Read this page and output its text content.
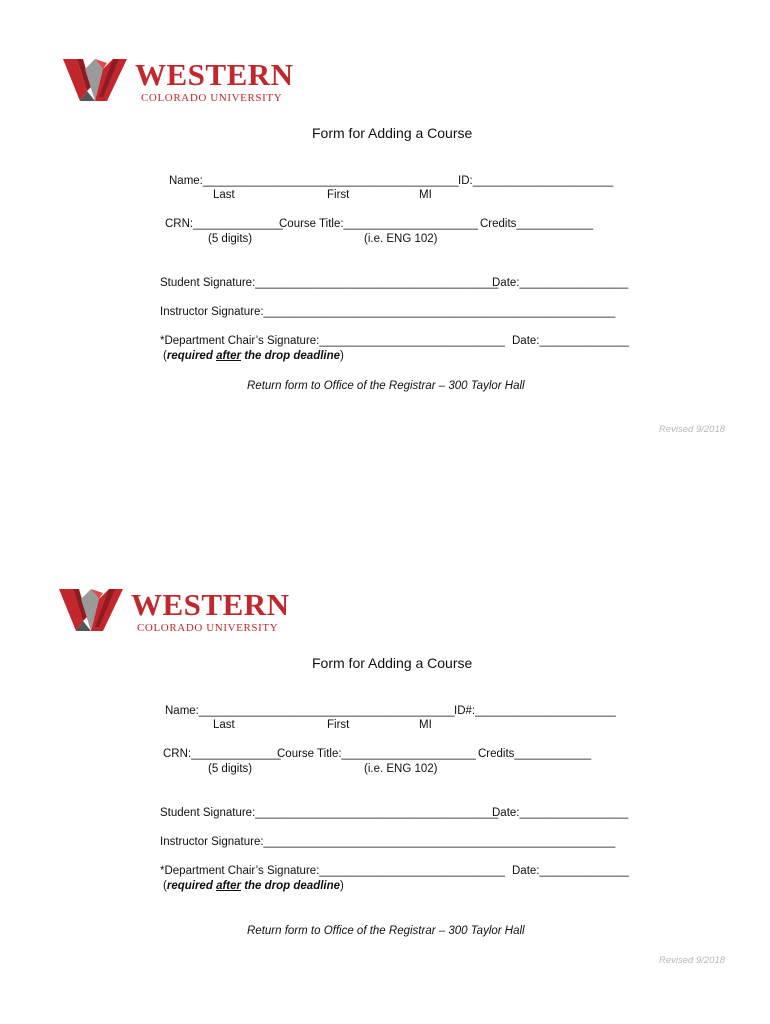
WESTERN
COLORADO UNIVERSITY
Form for Adding a Course
Name:________________________________________ ID:______________________
Last	First	MI
CRN:______________
Course Title:_____________________ Credits____________
(5 digits)	(i.e. ENG 102)
Student Signature:______________________________________
Date:_________________
Instructor Signature:_______________________________________________________
*Department Chair’s Signature:_____________________________ Date:______________
(required after the drop deadline)
Return form to Office of the Registrar – 300 Taylor Hall
Revised 9/2018
WESTERN
COLORADO UNIVERSITY
Form for Adding a Course
Name:________________________________________ ID#:______________________
Last	First	MI
CRN:______________
Course Title:_____________________ Credits____________
(5 digits)	(i.e. ENG 102)
Student Signature:______________________________________
Date:_________________
Instructor Signature:_______________________________________________________
*Department Chair’s Signature:_____________________________ Date:______________
(required after the drop deadline)
Return form to Office of the Registrar – 300 Taylor Hall
Revised 9/2018
